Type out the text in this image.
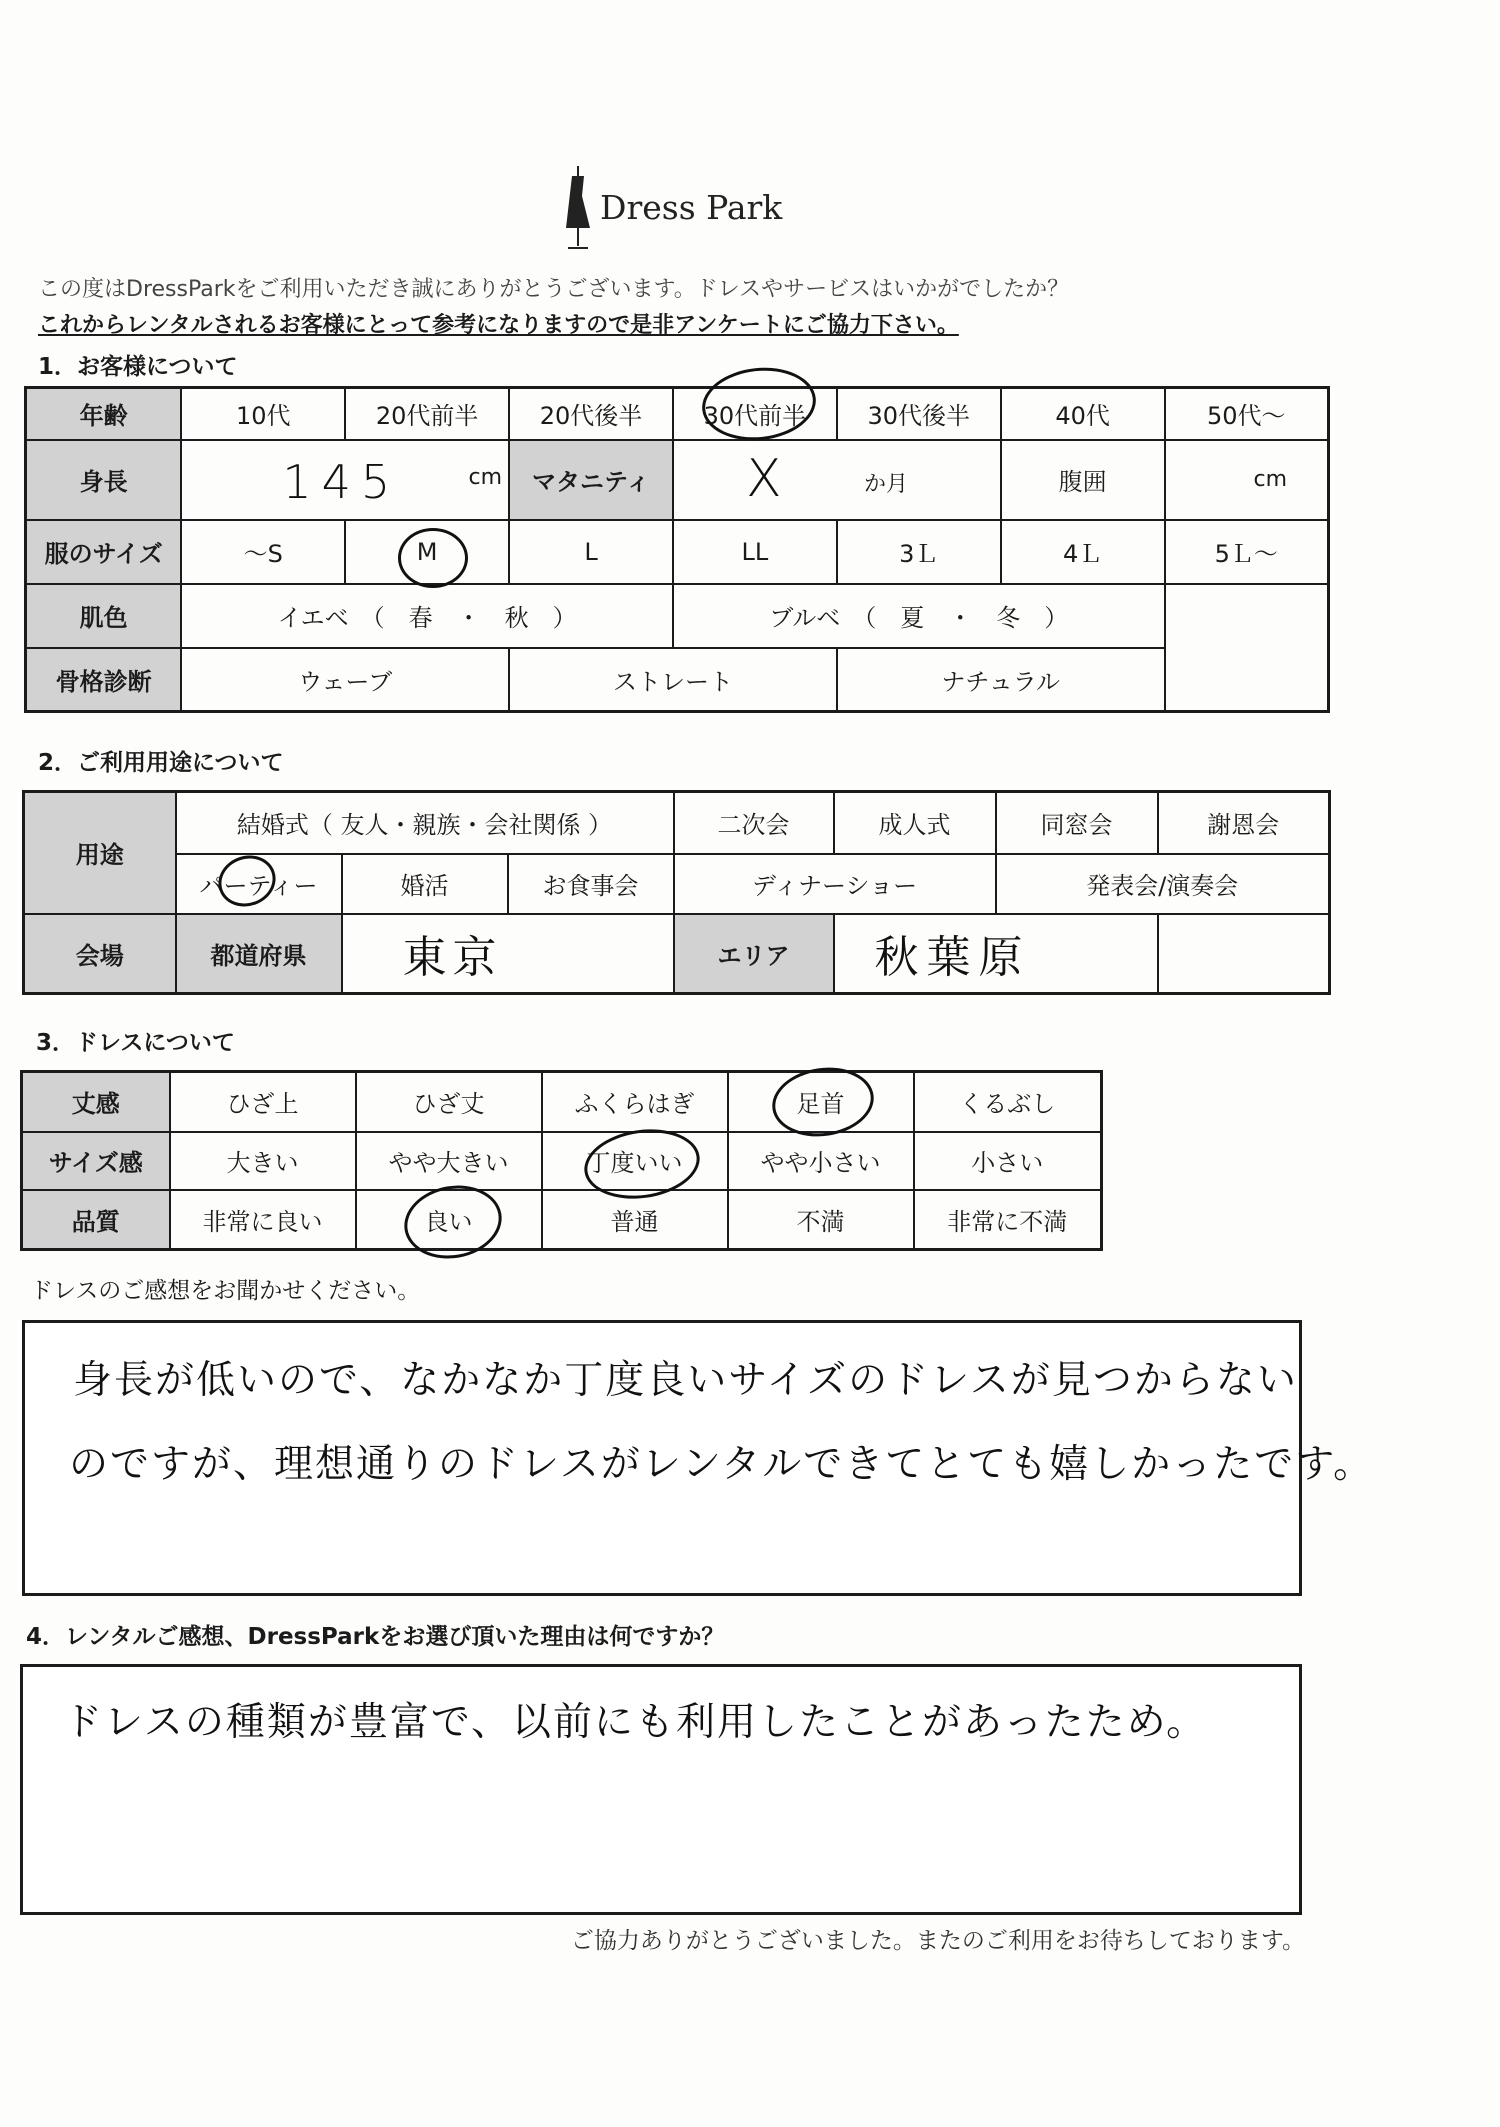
Dress Park
この度はDressParkをご利用いただき誠にありがとうございます。ドレスやサービスはいかがでしたか？
これからレンタルされるお客様にとって参考になりますので是非アンケートにご協力下さい。
1．お客様について
年齢	10代	20代前半	20代後半	30代前半	30代後半	40代	50代～
身長	145 cm		マタニティ	X か月		腹囲	cm
服のサイズ	～S	M	L	LL	3Ｌ	4Ｌ	5Ｌ～
肌色	イエベ　（　春　・　秋　）			ブルベ　（　夏　・　冬　）			
骨格診断	ウェーブ		ストレート		ナチュラル		
2．ご利用用途について
用途	結婚式（ 友人・親族・会社関係 ）			二次会	成人式	同窓会	謝恩会
	パーティー	婚活	お食事会	ディナーショー		発表会/演奏会	
会場	都道府県	東京		エリア	秋葉原		
3．ドレスについて
丈感	ひざ上	ひざ丈	ふくらはぎ	足首	くるぶし
サイズ感	大きい	やや大きい	丁度いい	やや小さい	小さい
品質	非常に良い	良い	普通	不満	非常に不満
ドレスのご感想をお聞かせください。
身長が低いので、なかなか丁度良いサイズのドレスが見つからない
のですが、理想通りのドレスがレンタルできてとても嬉しかったです。
4．レンタルご感想、DressParkをお選び頂いた理由は何ですか？
ドレスの種類が豊富で、以前にも利用したことがあったため。
ご協力ありがとうございました。またのご利用をお待ちしております。
